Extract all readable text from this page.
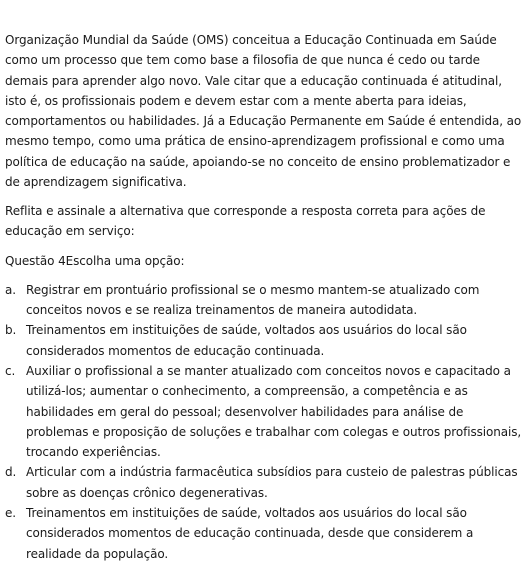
Organização Mundial da Saúde (OMS) conceitua a Educação Continuada em Saúde como um processo que tem como base a filosofia de que nunca é cedo ou tarde demais para aprender algo novo. Vale citar que a educação continuada é atitudinal, isto é, os profissionais podem e devem estar com a mente aberta para ideias, comportamentos ou habilidades. Já a Educação Permanente em Saúde é entendida, ao mesmo tempo, como uma prática de ensino-aprendizagem profissional e como uma política de educação na saúde, apoiando-se no conceito de ensino problematizador e de aprendizagem significativa.

Reflita e assinale a alternativa que corresponde a resposta correta para ações de educação em serviço:

Questão 4Escolha uma opção:

a. Registrar em prontuário profissional se o mesmo mantem-se atualizado com conceitos novos e se realiza treinamentos de maneira autodidata.
b. Treinamentos em instituições de saúde, voltados aos usuários do local são considerados momentos de educação continuada.
c. Auxiliar o profissional a se manter atualizado com conceitos novos e capacitado a utilizá-los; aumentar o conhecimento, a compreensão, a competência e as habilidades em geral do pessoal; desenvolver habilidades para análise de problemas e proposição de soluções e trabalhar com colegas e outros profissionais, trocando experiências.
d. Articular com a indústria farmacêutica subsídios para custeio de palestras públicas sobre as doenças crônico degenerativas.
e. Treinamentos em instituições de saúde, voltados aos usuários do local são considerados momentos de educação continuada, desde que considerem a realidade da população.
